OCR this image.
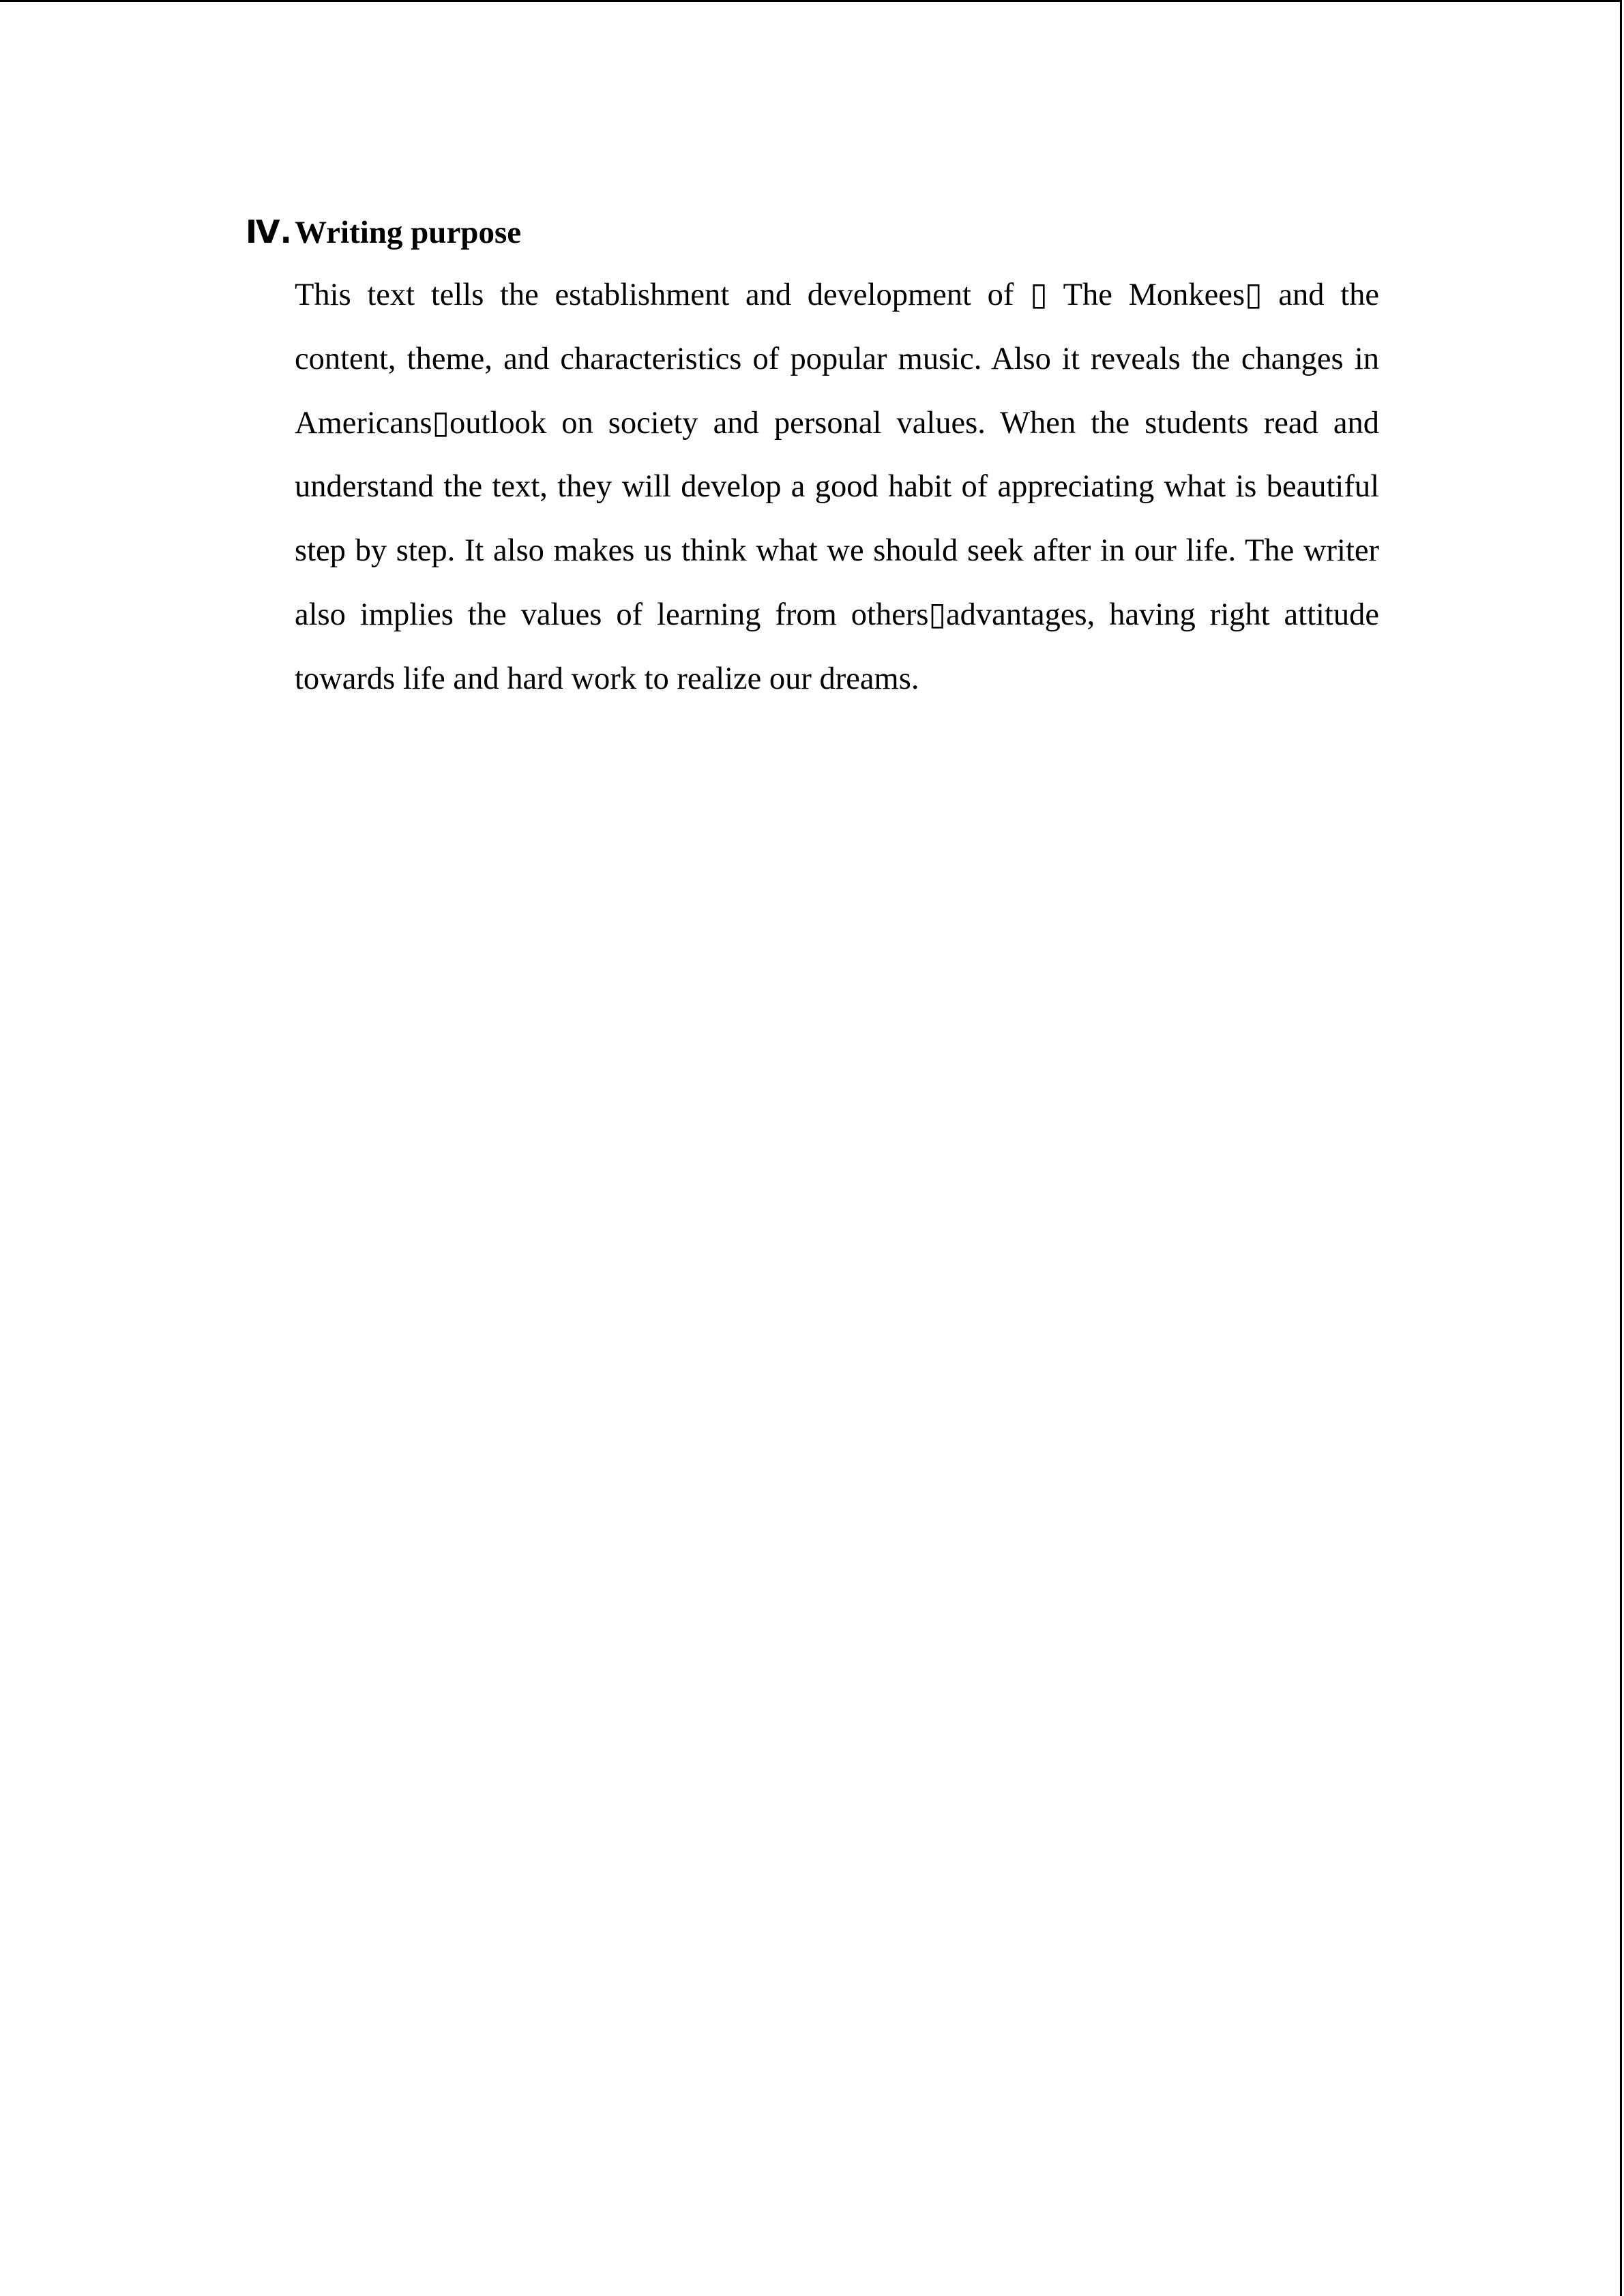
Ⅳ. Writing purpose

This text tells the establishment and development of ▯ The Monkees▯ and the content, theme, and characteristics of popular music. Also it reveals the changes in Americans▯outlook on society and personal values. When the students read and understand the text, they will develop a good habit of appreciating what is beautiful step by step. It also makes us think what we should seek after in our life. The writer also implies the values of learning from others▯advantages, having right attitude towards life and hard work to realize our dreams.
